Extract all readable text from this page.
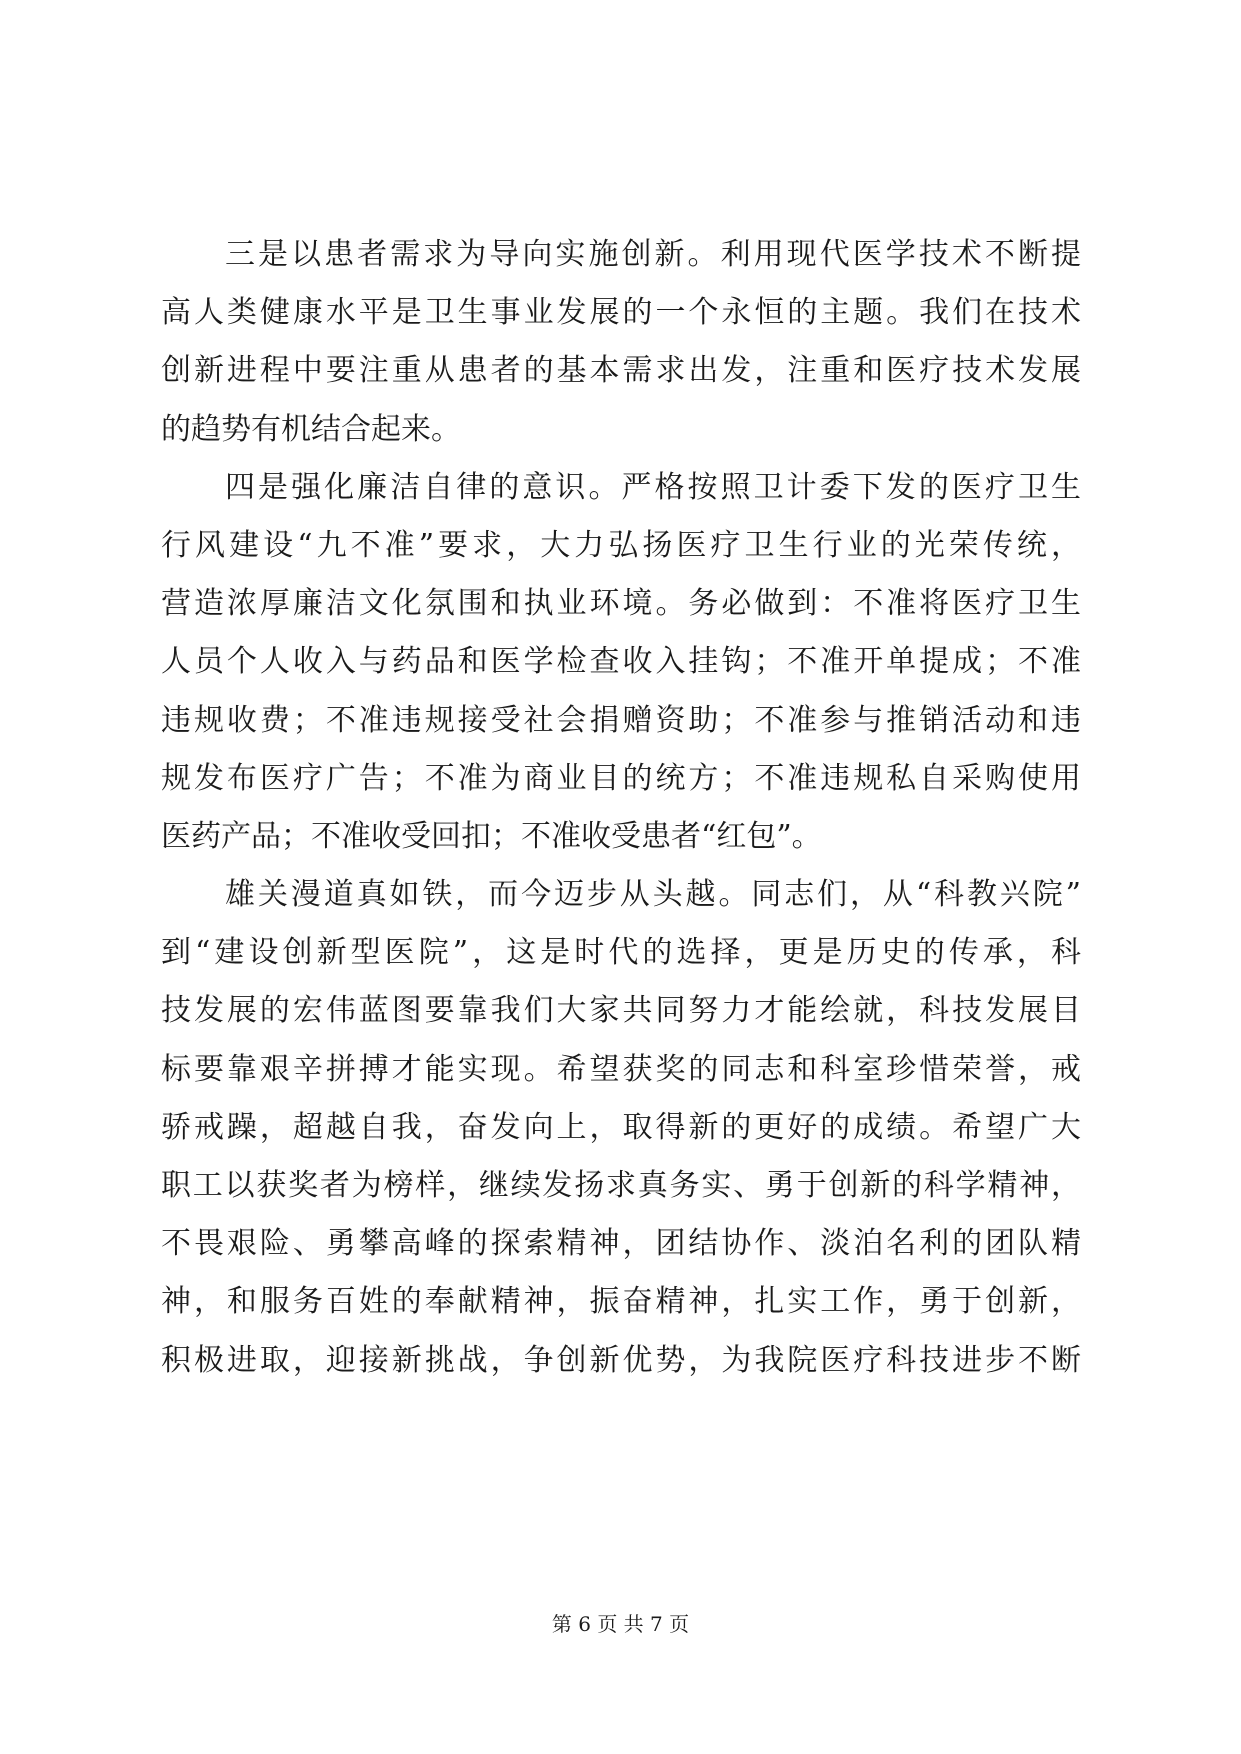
三是以患者需求为导向实施创新。利用现代医学技术不断提
高人类健康水平是卫生事业发展的一个永恒的主题。我们在技术
创新进程中要注重从患者的基本需求出发，注重和医疗技术发展
的趋势有机结合起来。
四是强化廉洁自律的意识。严格按照卫计委下发的医疗卫生
行风建设“九不准”要求，大力弘扬医疗卫生行业的光荣传统，
营造浓厚廉洁文化氛围和执业环境。务必做到：不准将医疗卫生
人员个人收入与药品和医学检查收入挂钩；不准开单提成；不准
违规收费；不准违规接受社会捐赠资助；不准参与推销活动和违
规发布医疗广告；不准为商业目的统方；不准违规私自采购使用
医药产品；不准收受回扣；不准收受患者“红包”。
雄关漫道真如铁，而今迈步从头越。同志们，从“科教兴院”
到“建设创新型医院”，这是时代的选择，更是历史的传承，科
技发展的宏伟蓝图要靠我们大家共同努力才能绘就，科技发展目
标要靠艰辛拼搏才能实现。希望获奖的同志和科室珍惜荣誉，戒
骄戒躁，超越自我，奋发向上，取得新的更好的成绩。希望广大
职工以获奖者为榜样，继续发扬求真务实、勇于创新的科学精神，
不畏艰险、勇攀高峰的探索精神，团结协作、淡泊名利的团队精
神，和服务百姓的奉献精神，振奋精神，扎实工作，勇于创新，
积极进取，迎接新挑战，争创新优势，为我院医疗科技进步不断
第 6 页 共 7 页
